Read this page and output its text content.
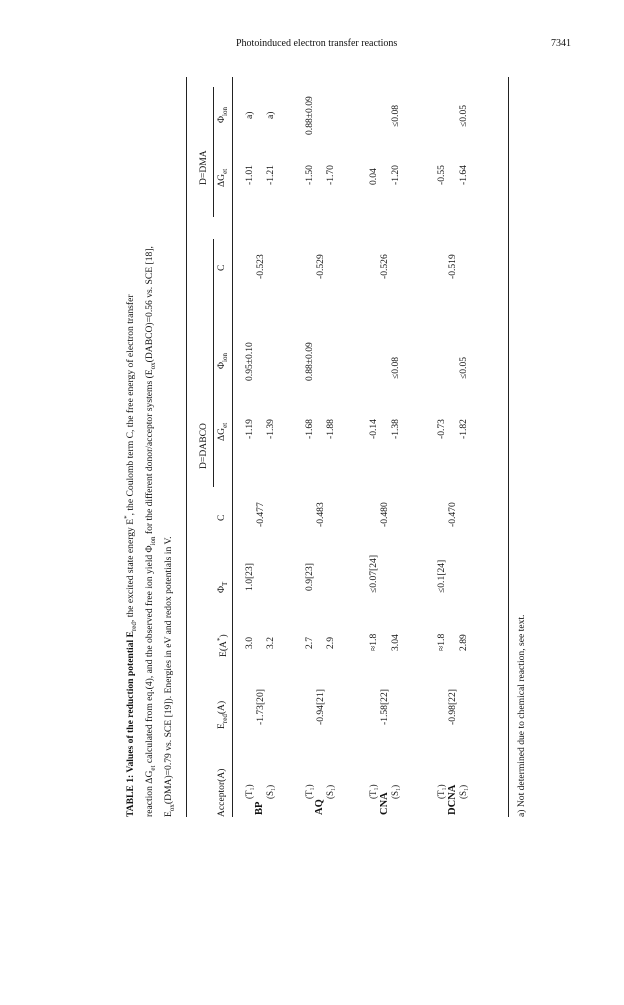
Photoinduced electron transfer reactions	7341

TABLE 1: Values of the reduction potential $E_{red}$, the excited state energy E*, the Coulomb term C, the free energy of electron transfer

reaction $\Delta G_{et}$ calculated from eq.(4), and the observed free ion yield $\Phi_{ion}$ for the different donor/acceptor systems ($E_{ox}(DABCO)=0.56$ vs. SCE [18],

$E_{ox}(DMA)=0.79$ vs. SCE [19]). Energies in eV and redox potentials in V.

D=DABCO
D=DMA
Acceptor(A)
$E_{red}(A)$
E(A*)
$\Phi_T$
C
$\Delta G_{et}$
$\Phi_{ion}$
C
$\Delta G_{et}$
$\Phi_{ion}$
(T₁)
BP
(S₁)
-1.73[20]
3.0 3.2
1.0[23]
-0.477
-1.19 -1.39
0.95±0.10
-0.523
-1.01 -1.21
a) a)
(T₁)
AQ
(S₁)
-0.94[21]
2.7 2.9
0.9[23]
-0.483
-1.68 -1.88
0.88±0.09
-0.529
-1.50 -1.70
0.88±0.09
(T₁)
CNA
(S₁)
-1.58[22]
≈1.8 3.04
≤0.07[24]
-0.480
-0.14 -1.38
≤0.08
-0.526
0.04 -1.20
≤0.08
(T₁) DCNA (S₁)
-0.98[22]
≈1.8 2.89
≤0.1[24]
-0.470
-0.73 -1.82
≤0.05
-0.519
-0.55 -1.64
≤0.05
a) Not determined due to chemical reaction, see text.
